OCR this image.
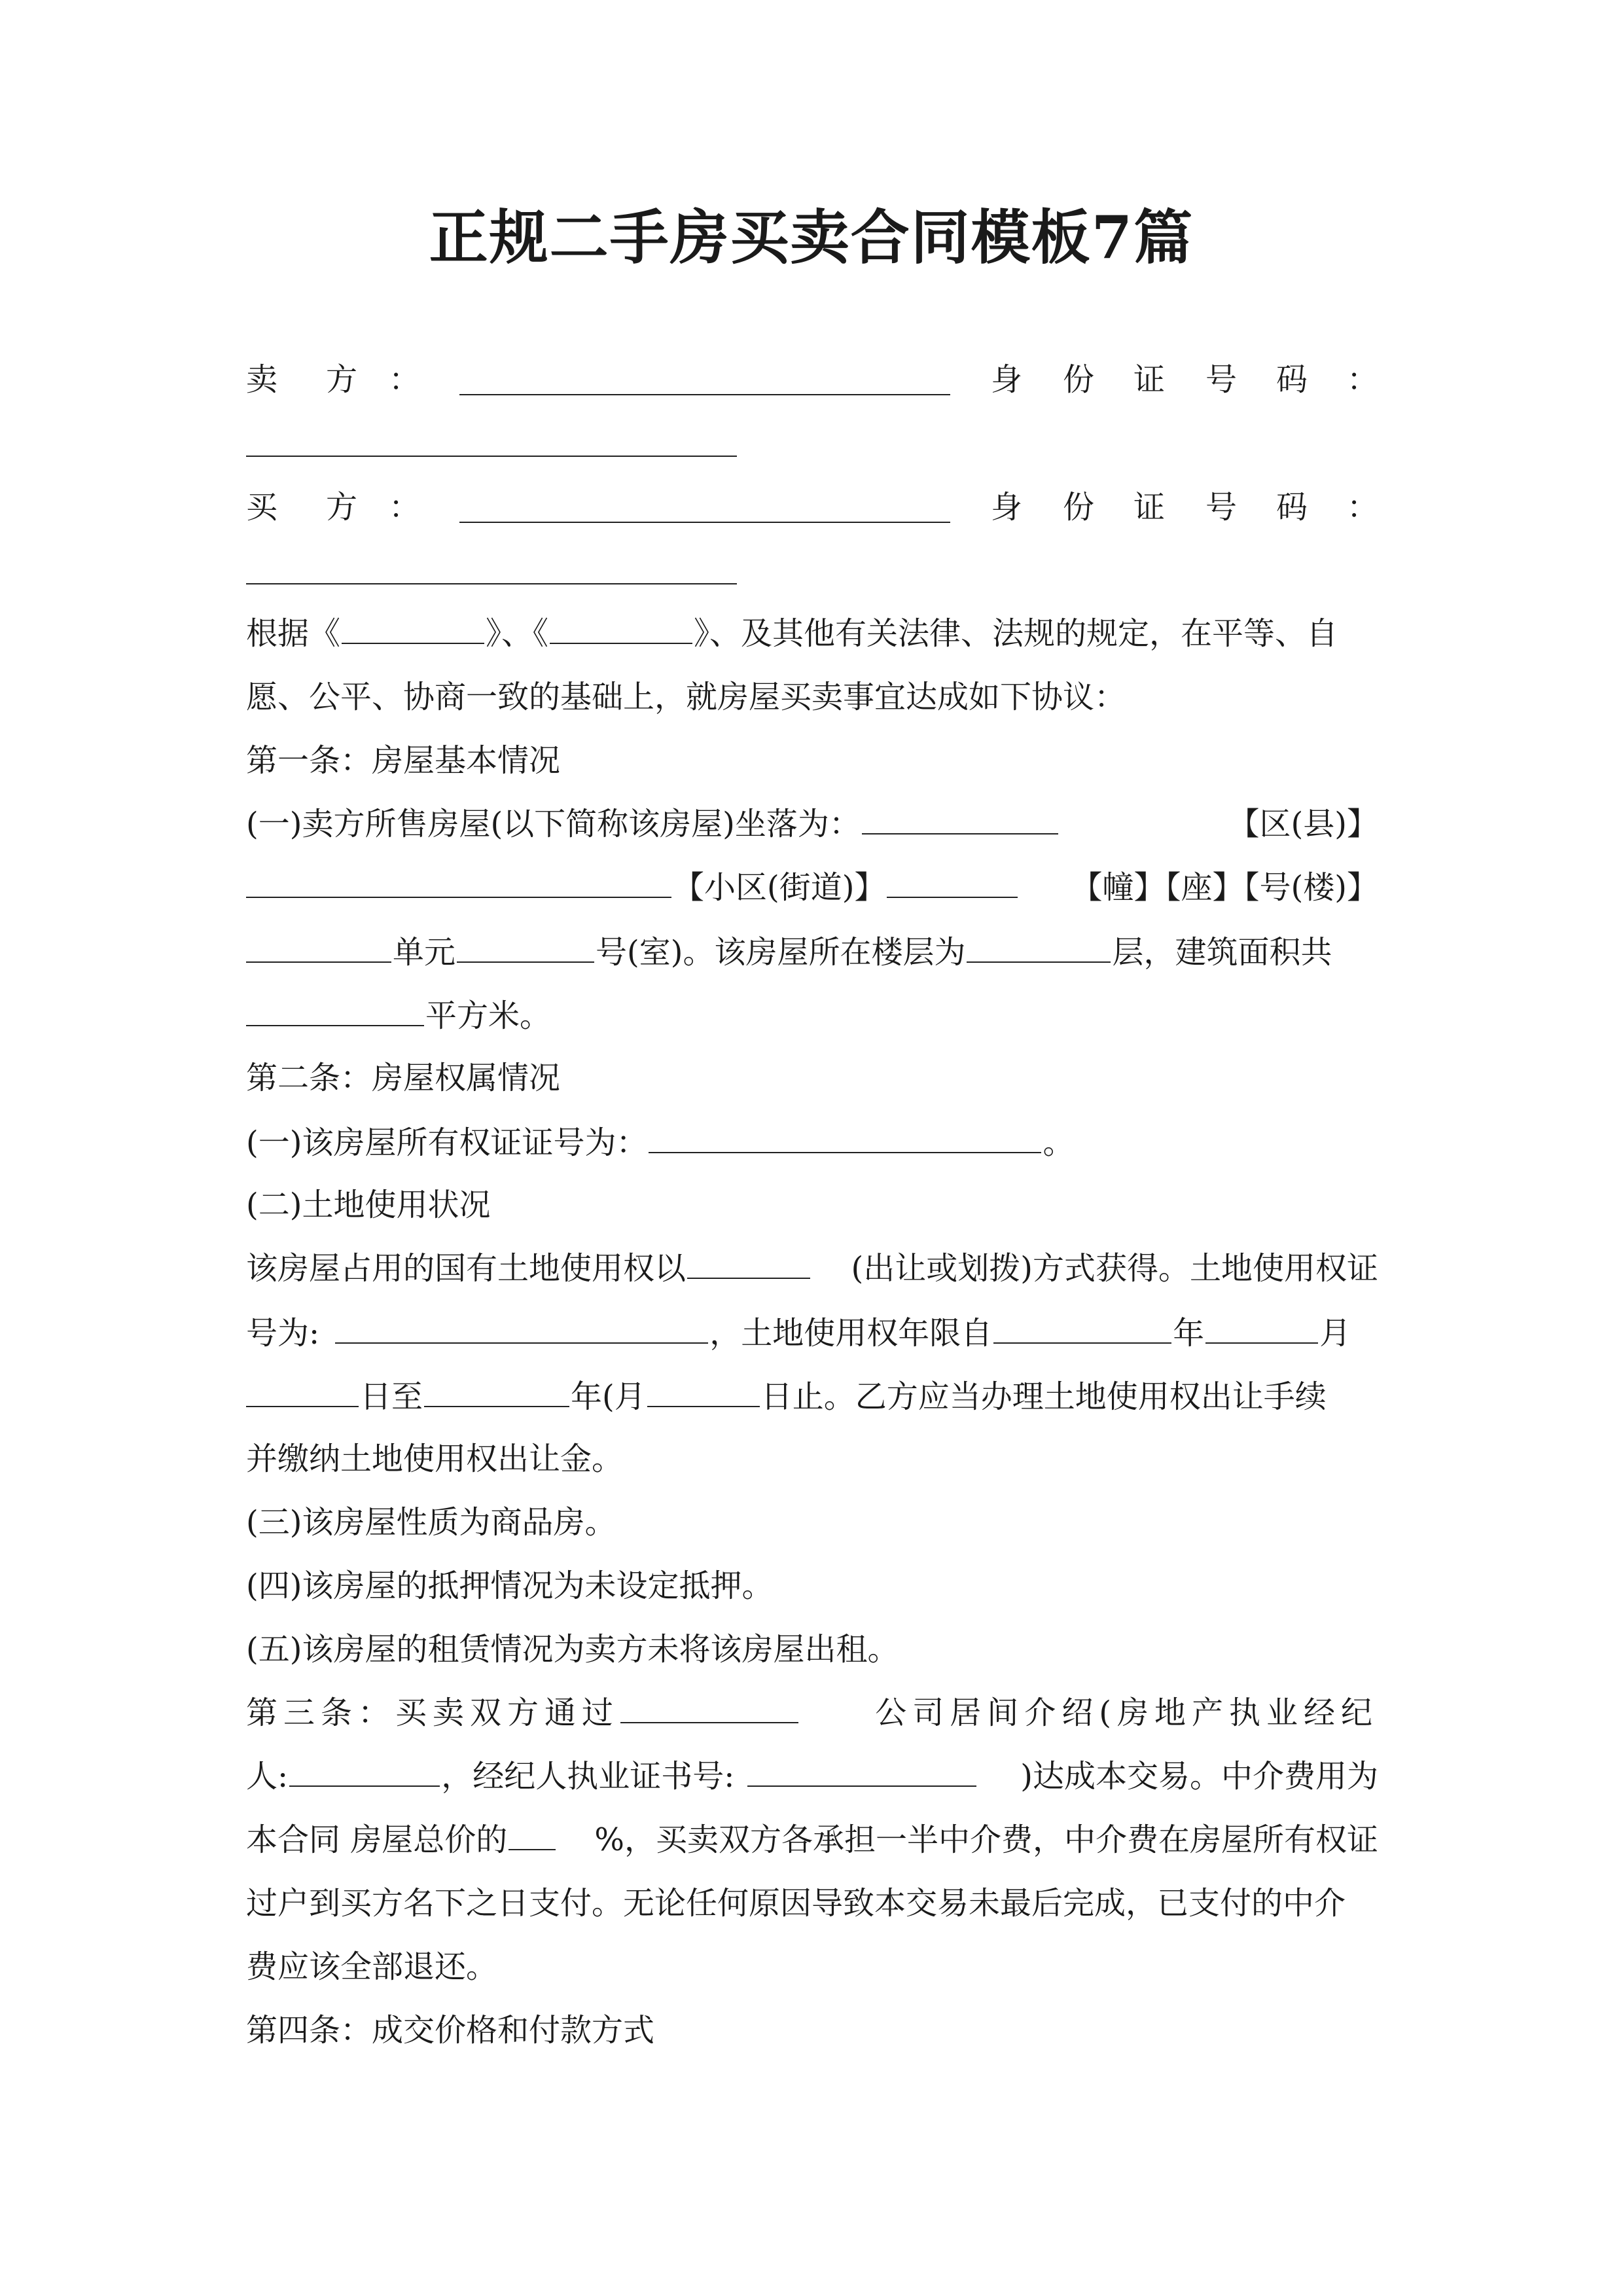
正规二手房买卖合同模板7篇
卖 方 ：	身 份 证 号 码 ：
买 方 ：	身 份 证 号 码 ：
根据《	》、《	》、及其他有关法律、法规的规定，在平等、自
愿、公平、协商一致的基础上，就房屋买卖事宜达成如下协议：
第一条：房屋基本情况
(一)卖方所售房屋(以下简称该房屋)坐落为：	【区(县)】
【小区(街道)】	【幢】【座】【号(楼)】
单元	号(室)。该房屋所在楼层为	层，建筑面积共
平方米。
第二条：房屋权属情况
(一)该房屋所有权证证号为：	。
(二)土地使用状况
该房屋占用的国有土地使用权以	(出让或划拨)方式获得。土地使用权证
号为:	，土地使用权年限自	年	月
日至	年(月	日止。乙方应当办理土地使用权出让手续
并缴纳土地使用权出让金。
(三)该房屋性质为商品房。
(四)该房屋的抵押情况为未设定抵押。
(五)该房屋的租赁情况为卖方未将该房屋出租。
第三条：买卖双方通过	公司居间介绍(房地产执业经纪
人:	，经纪人执业证书号:	)达成本交易。中介费用为
本合同 房屋总价的	%，买卖双方各承担一半中介费，中介费在房屋所有权证
过户到买方名下之日支付。无论任何原因导致本交易未最后完成，已支付的中介
费应该全部退还。
第四条：成交价格和付款方式
